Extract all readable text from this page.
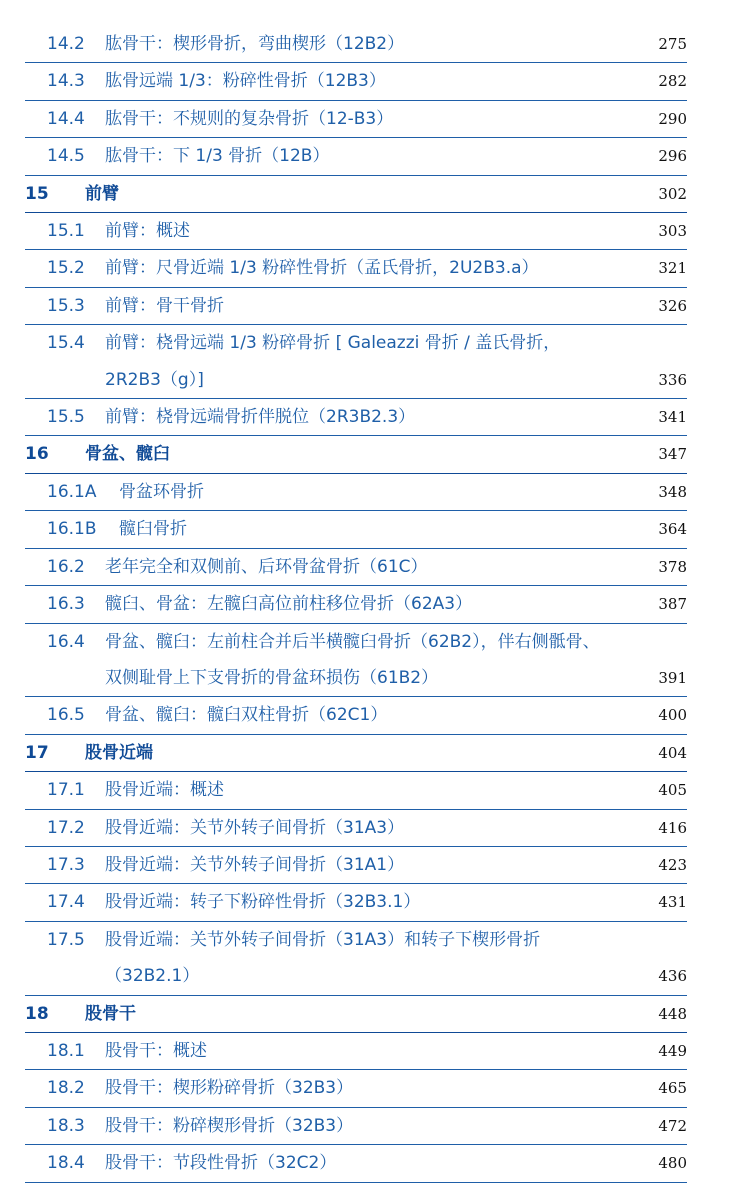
14.2 肱骨干：楔形骨折，弯曲楔形（12B2）	275
14.3 肱骨远端 1/3：粉碎性骨折（12B3）	282
14.4 肱骨干：不规则的复杂骨折（12-B3）	290
14.5 肱骨干：下 1/3 骨折（12B）	296
15 前臂	302
15.1 前臂：概述	303
15.2 前臂：尺骨近端 1/3 粉碎性骨折（孟氏骨折，2U2B3.a）	321
15.3 前臂：骨干骨折	326
15.4 前臂：桡骨远端 1/3 粉碎骨折 [ Galeazzi 骨折 / 盖氏骨折，
2R2B3（g）]	336
15.5 前臂：桡骨远端骨折伴脱位（2R3B2.3）	341
16 骨盆、髋臼	347
16.1A 骨盆环骨折	348
16.1B 髋臼骨折	364
16.2 老年完全和双侧前、后环骨盆骨折（61C）	378
16.3 髋臼、骨盆：左髋臼高位前柱移位骨折（62A3）	387
16.4 骨盆、髋臼：左前柱合并后半横髋臼骨折（62B2），伴右侧骶骨、
双侧耻骨上下支骨折的骨盆环损伤（61B2）	391
16.5 骨盆、髋臼：髋臼双柱骨折（62C1）	400
17 股骨近端	404
17.1 股骨近端：概述	405
17.2 股骨近端：关节外转子间骨折（31A3）	416
17.3 股骨近端：关节外转子间骨折（31A1）	423
17.4 股骨近端：转子下粉碎性骨折（32B3.1）	431
17.5 股骨近端：关节外转子间骨折（31A3）和转子下楔形骨折
（32B2.1）	436
18 股骨干	448
18.1 股骨干：概述	449
18.2 股骨干：楔形粉碎骨折（32B3）	465
18.3 股骨干：粉碎楔形骨折（32B3）	472
18.4 股骨干：节段性骨折（32C2）	480
